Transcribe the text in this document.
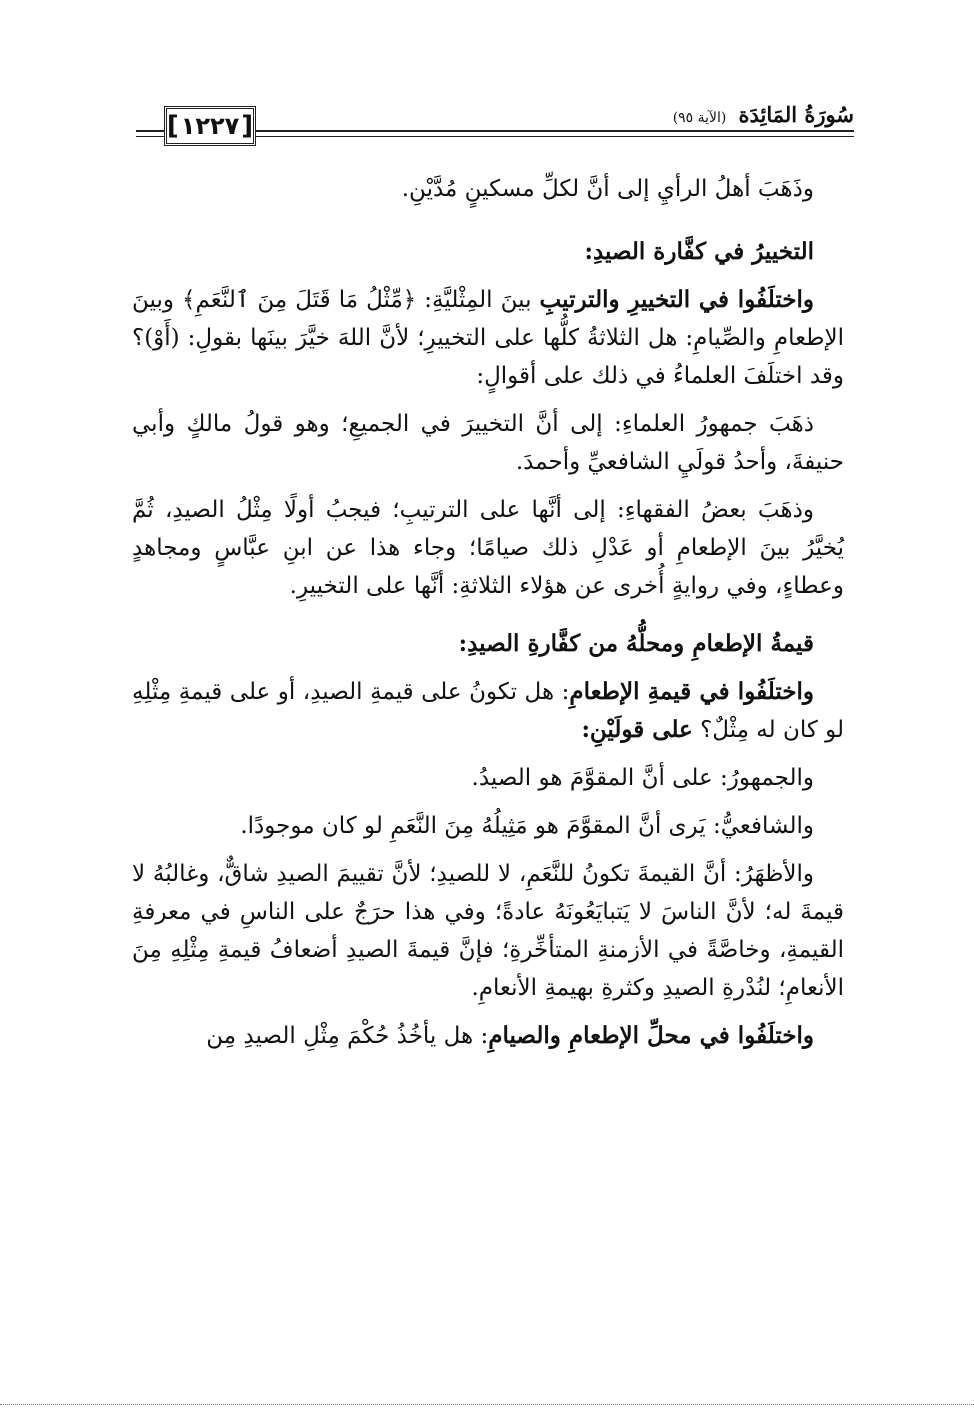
[
١٢٢٧
]	سُورَةُ المَائِدَة (الآية ٩٥)

وذَهَبَ أهلُ الرأيِ إلى أنَّ لكلِّ مسكينٍ مُدَّيْنِ.

التخييرُ في كفَّارة الصيدِ:

واختلَفُوا في التخييرِ والترتيبِ بينَ المِثْليَّةِ: ﴿مِّثْلُ مَا قَتَلَ مِنَ ٱلنَّعَمِ﴾ وبينَ الإطعامِ والصِّيامِ: هل الثلاثةُ كلُّها على التخييرِ؛ لأنَّ اللهَ خيَّرَ بينَها بقولِ: (أَوْ)؟ وقد اختلَفَ العلماءُ في ذلك على أقوالٍ:

ذهَبَ جمهورُ العلماءِ: إلى أنَّ التخييرَ في الجميعِ؛ وهو قولُ مالكٍ وأبي حنيفةَ، وأحدُ قولَيِ الشافعيِّ وأحمدَ.

وذهَبَ بعضُ الفقهاءِ: إلى أنَّها على الترتيبِ؛ فيجبُ أولًا مِثْلُ الصيدِ، ثُمَّ يُخيَّرُ بينَ الإطعامِ أو عَدْلِ ذلك صيامًا؛ وجاء هذا عن ابنِ عبَّاسٍ ومجاهدٍ وعطاءٍ، وفي روايةٍ أُخرى عن هؤلاء الثلاثةِ: أنَّها على التخييرِ.

قيمةُ الإطعامِ ومحلُّهُ من كفَّارةِ الصيدِ:

واختلَفُوا في قيمةِ الإطعامِ: هل تكونُ على قيمةِ الصيدِ، أو على قيمةِ مِثْلِهِ لو كان له مِثْلٌ؟ على قولَيْنِ:

والجمهورُ: على أنَّ المقوَّمَ هو الصيدُ.

والشافعيُّ: يَرى أنَّ المقوَّمَ هو مَثِيلُهُ مِنَ النَّعَمِ لو كان موجودًا.

والأظهَرُ: أنَّ القيمةَ تكونُ للنَّعَمِ، لا للصيدِ؛ لأنَّ تقييمَ الصيدِ شاقٌّ، وغالبُهُ لا قيمةَ له؛ لأنَّ الناسَ لا يَتبايَعُونَهُ عادةً؛ وفي هذا حرَجٌ على الناسِ في معرفةِ القيمةِ، وخاصَّةً في الأزمنةِ المتأخِّرةِ؛ فإنَّ قيمةَ الصيدِ أضعافُ قيمةِ مِثْلِهِ مِنَ الأنعامِ؛ لنُدْرةِ الصيدِ وكثرةِ بهيمةِ الأنعامِ.

واختلَفُوا في محلِّ الإطعامِ والصيامِ: هل يأخُذُ حُكْمَ مِثْلِ الصيدِ مِن
